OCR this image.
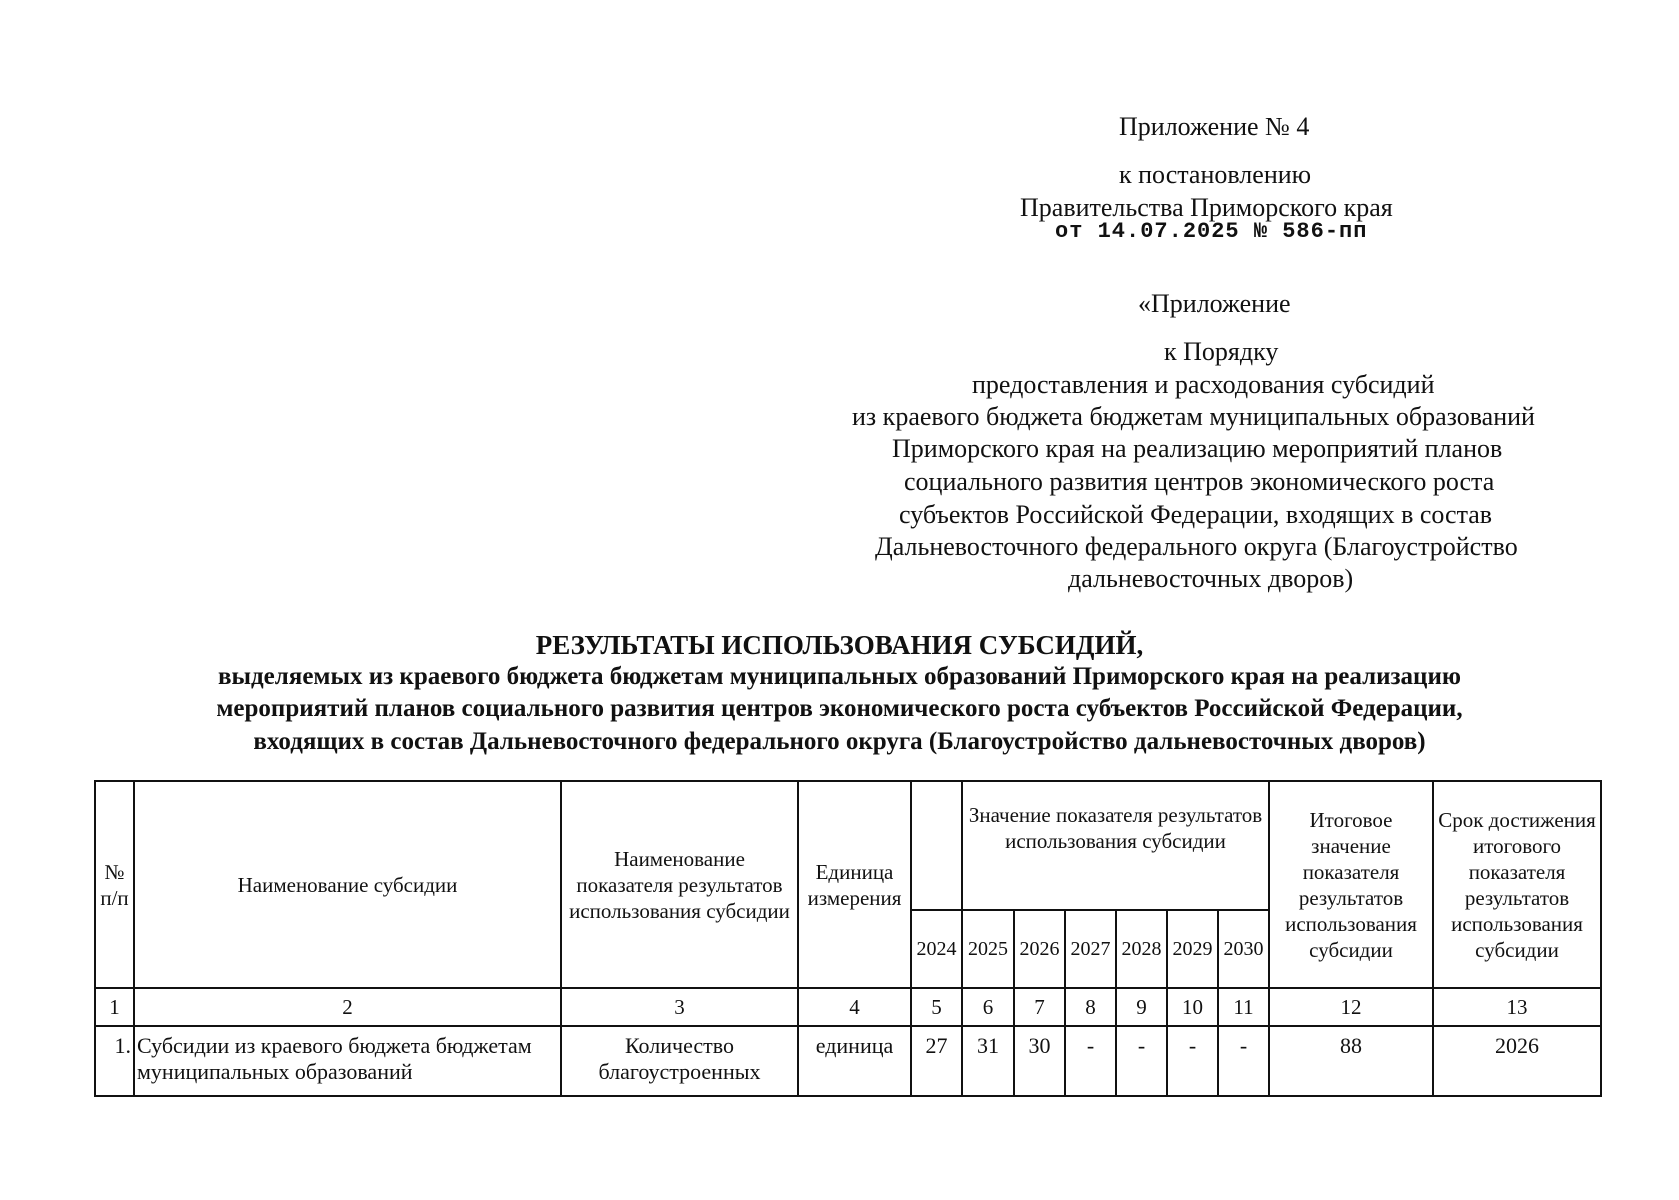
Приложение № 4
к постановлению
Правительства Приморского края
от 14.07.2025 № 586-пп
«Приложение
к Порядку
предоставления и расходования субсидий
из краевого бюджета бюджетам муниципальных образований
Приморского края на реализацию мероприятий планов
социального развития центров экономического роста
субъектов Российской Федерации, входящих в состав
Дальневосточного федерального округа (Благоустройство
дальневосточных дворов)
РЕЗУЛЬТАТЫ ИСПОЛЬЗОВАНИЯ СУБСИДИЙ,
выделяемых из краевого бюджета бюджетам муниципальных образований Приморского края на реализацию
мероприятий планов социального развития центров экономического роста субъектов Российской Федерации,
входящих в состав Дальневосточного федерального округа (Благоустройство дальневосточных дворов)
№ п/п	Наименование субсидии	Наименование показателя результатов использования субсидии	Единица измерения		Значение показателя результатов использования субсидии						Итоговое значение показателя результатов использования субсидии	Срок достижения итогового показателя результатов использования субсидии
				2024	2025	2026	2027	2028	2029	2030		
1	2	3	4	5	6	7	8	9	10	11	12	13
1.	Субсидии из краевого бюджета бюджетам муниципальных образований	Количество благоустроенных	единица	27	31	30	-	-	-	-	88	2026
